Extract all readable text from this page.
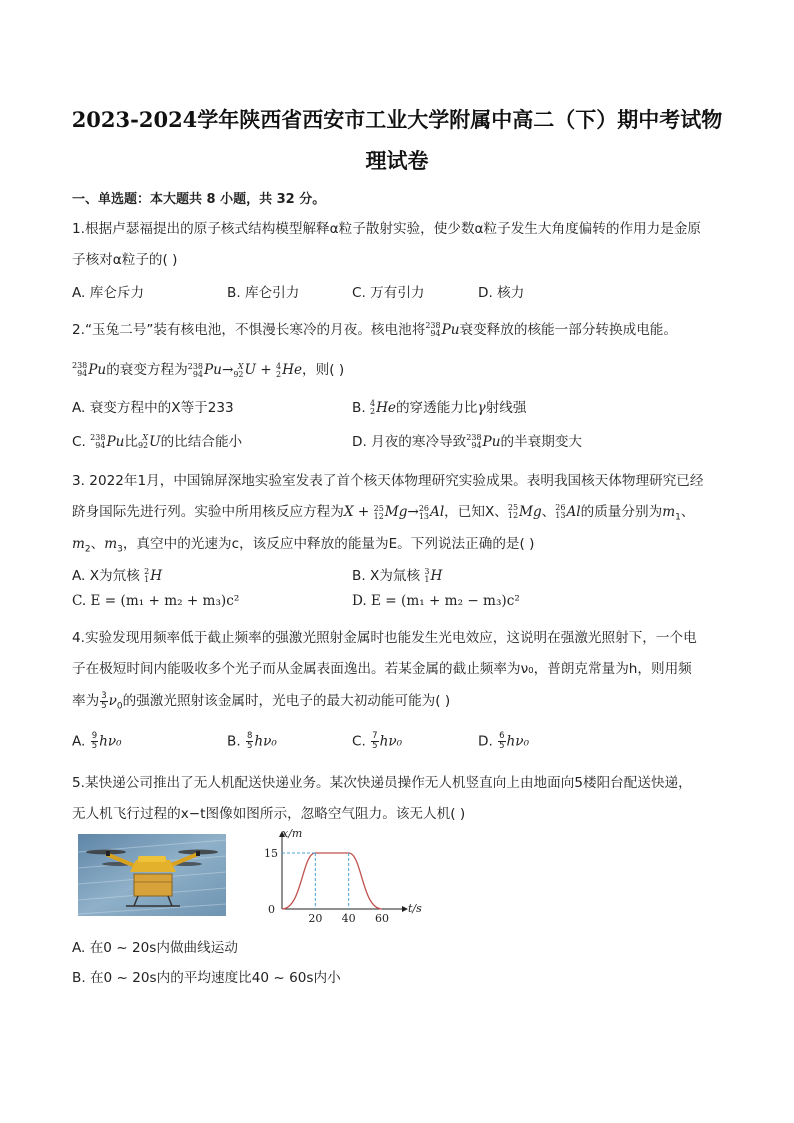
2023-2024学年陕西省西安市工业大学附属中高二（下）期中考试物
理试卷
一、单选题：本大题共 8 小题，共 32 分。
1.根据卢瑟福提出的原子核式结构模型解释α粒子散射实验，使少数α粒子发生大角度偏转的作用力是金原
子核对α粒子的( )
A. 库仑斥力	B. 库仑引力	C. 万有引力	D. 核力
2.“玉兔二号”装有核电池，不惧漫长寒冷的月夜。核电池将238
94Pu衰变释放的核能一部分转换成电能。
238
94Pu的衰变方程为238
94Pu→ X
92U + 4
2He，则( )
A. 衰变方程中的X等于233	B. 4
2He的穿透能力比γ射线强
C. 238
94Pu比 X
92U的比结合能小	D. 月夜的寒冷导致238
94Pu的半衰期变大
3. 2022年1月，中国锦屏深地实验室发表了首个核天体物理研究实验成果。表明我国核天体物理研究已经
跻身国际先进行列。实验中所用核反应方程为X + 25
12Mg→26
13Al，已知X、25
12Mg、26
13Al的质量分别为$m_1$、
$m_2$、$m_3$，真空中的光速为c，该反应中释放的能量为E。下列说法正确的是( )
A. X为氘核 2
1H	B. X为氚核 3
1H
C. E = (m₁ + m₂ + m₃)c²	D. E = (m₁ + m₂ − m₃)c²
4.实验发现用频率低于截止频率的强激光照射金属时也能发生光电效应，这说明在强激光照射下，一个电
子在极短时间内能吸收多个光子而从金属表面逸出。若某金属的截止频率为ν₀，普朗克常量为h，则用频
率为 $\frac{3}{5} \nu_0$的强激光照射该金属时，光电子的最大初动能可能为( )
A. $\frac{9}{5} h\nu_0$	B. $\frac{8}{5} h\nu_0$	C. $\frac{7}{5} h\nu_0$	D. $\frac{6}{5} h\nu_0$
5.某快递公司推出了无人机配送快递业务。某次快递员操作无人机竖直向上由地面向5楼阳台配送快递，
无人机飞行过程的x−t图像如图所示，忽略空气阻力。该无人机( )
x/m
t/s
0
20 40 60
15
A. 在0 ~ 20s内做曲线运动
B. 在0 ~ 20s内的平均速度比40 ~ 60s内小
